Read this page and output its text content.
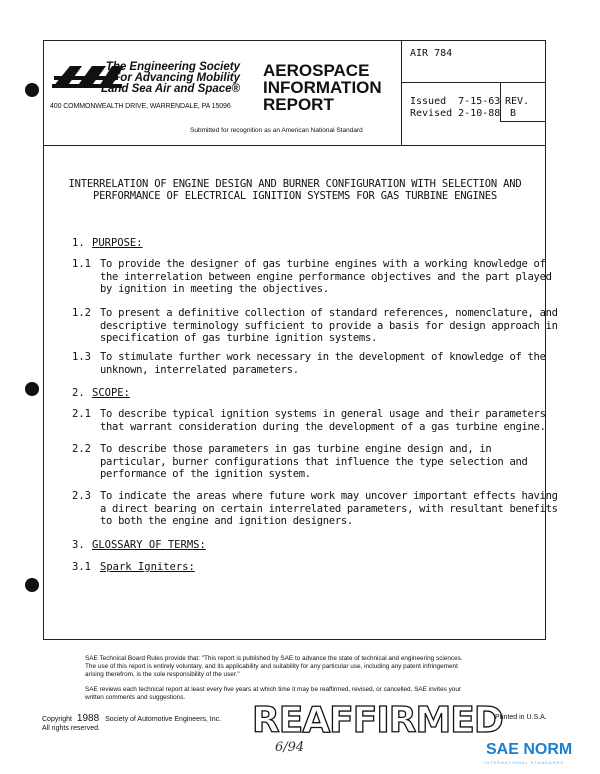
The Engineering Society
For Advancing Mobility
Land Sea Air and Space®
400 COMMONWEALTH DRIVE, WARRENDALE, PA 15096
AEROSPACE
INFORMATION
REPORT
AIR 784
Issued  7-15-63
Revised 2-10-88
REV.
B
Submitted for recognition as an American National Standard
INTERRELATION OF ENGINE DESIGN AND BURNER CONFIGURATION WITH SELECTION AND
PERFORMANCE OF ELECTRICAL IGNITION SYSTEMS FOR GAS TURBINE ENGINES
1. PURPOSE:
1.1 To provide the designer of gas turbine engines with a working knowledge of
the interrelation between engine performance objectives and the part played
by ignition in meeting the objectives.
1.2 To present a definitive collection of standard references, nomenclature, and
descriptive terminology sufficient to provide a basis for design approach in
specification of gas turbine ignition systems.
1.3 To stimulate further work necessary in the development of knowledge of the
unknown, interrelated parameters.
2. SCOPE:
2.1 To describe typical ignition systems in general usage and their parameters
that warrant consideration during the development of a gas turbine engine.
2.2 To describe those parameters in gas turbine engine design and, in
particular, burner configurations that influence the type selection and
performance of the ignition system.
2.3 To indicate the areas where future work may uncover important effects having
a direct bearing on certain interrelated parameters, with resultant benefits
to both the engine and ignition designers.
3. GLOSSARY OF TERMS:
3.1 Spark Igniters:
SAE Technical Board Rules provide that: "This report is published by SAE to advance the state of technical and engineering sciences.
The use of this report is entirely voluntary, and its applicability and suitability for any particular use, including any patent infringement
arising therefrom, is the sole responsibility of the user."
SAE reviews each technical report at least every five years at which time it may be reaffirmed, revised, or cancelled. SAE invites your
written comments and suggestions.
Copyright 1988 Society of Automotive Engineers, Inc.
All rights reserved.	REAFFIRMED
6/94
Printed in U.S.A.
SAE NORM
INTERNATIONAL STANDARDS
